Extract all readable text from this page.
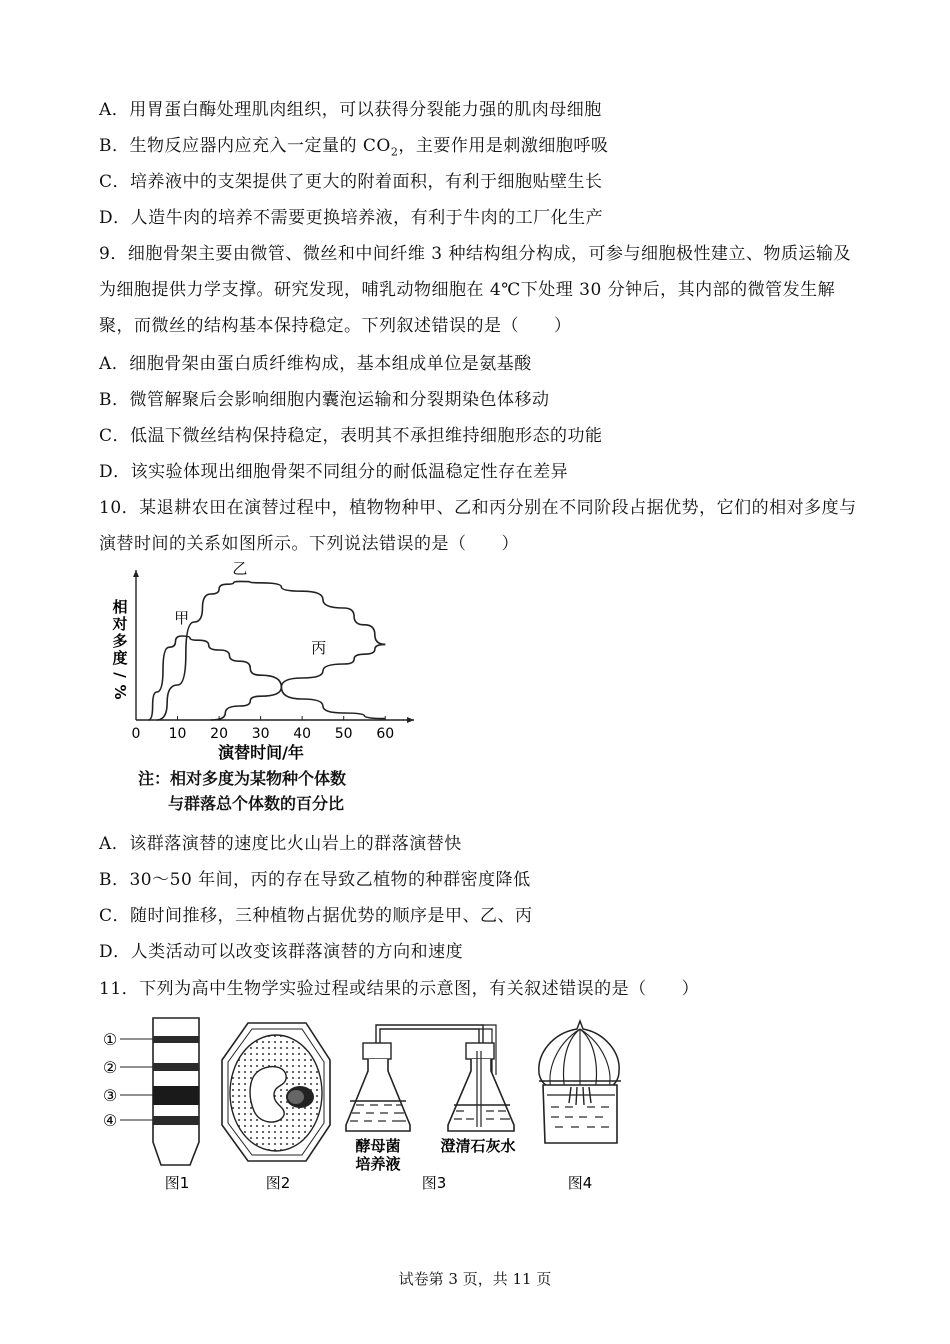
A．用胃蛋白酶处理肌肉组织，可以获得分裂能力强的肌肉母细胞
B．生物反应器内应充入一定量的 $CO_2$，主要作用是刺激细胞呼吸
C．培养液中的支架提供了更大的附着面积，有利于细胞贴壁生长
D．人造牛肉的培养不需要更换培养液，有利于牛肉的工厂化生产
9．细胞骨架主要由微管、微丝和中间纤维 3 种结构组分构成，可参与细胞极性建立、物质运输及为细胞提供力学支撑。研究发现，哺乳动物细胞在 4℃下处理 30 分钟后，其内部的微管发生解聚，而微丝的结构基本保持稳定。下列叙述错误的是（　　）
A．细胞骨架由蛋白质纤维构成，基本组成单位是氨基酸
B．微管解聚后会影响细胞内囊泡运输和分裂期染色体移动
C．低温下微丝结构保持稳定，表明其不承担维持细胞形态的功能
D．该实验体现出细胞骨架不同组分的耐低温稳定性存在差异
10．某退耕农田在演替过程中，植物物种甲、乙和丙分别在不同阶段占据优势，它们的相对多度与演替时间的关系如图所示。下列说法错误的是（　　）
0 10 20 30 40 50 60
演替时间/年
相
对
多
度
/
%
甲
乙
丙
注：相对多度为某物种个体数
与群落总个体数的百分比
A．该群落演替的速度比火山岩上的群落演替快
B．30～50 年间，丙的存在导致乙植物的种群密度降低
C．随时间推移，三种植物占据优势的顺序是甲、乙、丙
D．人类活动可以改变该群落演替的方向和速度
11．下列为高中生物学实验过程或结果的示意图，有关叙述错误的是（　　）
①
②
③
④
图1	图2
酵母菌
培养液
澄清石灰水
图3	图4
试卷第 3 页，共 11 页
